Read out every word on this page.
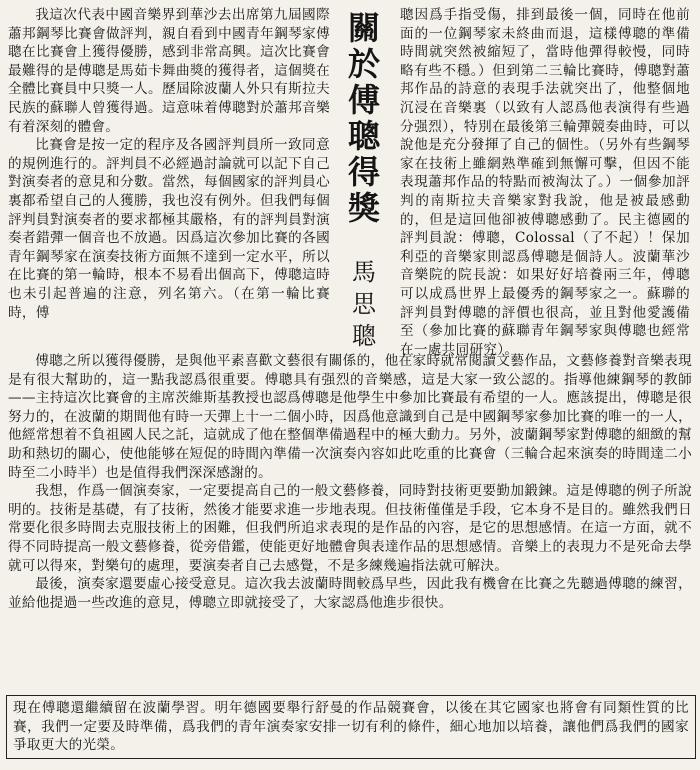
我這次代表中國音樂界到華沙去出席第九屆國際蕭邦鋼琴比賽會做評判，親自看到中國青年鋼琴家傅聰在比賽會上獲得優勝，感到非常高興。這次比賽會最難得的是傅聰是馬茹卡舞曲獎的獲得者，這個獎在全體比賽員中只獎一人。歷屆除波蘭人外只有斯拉夫民族的蘇聯人曾獲得過。這意味着傅聰對於蕭邦音樂有着深刻的體會。

比賽會是按一定的程序及各國評判員所一致同意的規例進行的。評判員不必經過討論就可以記下自己對演奏者的意見和分數。當然，每個國家的評判員心裏都希望自己的人獲勝，我也沒有例外。但我們每個評判員對演奏者的要求都極其嚴格，有的評判員對演奏者錯彈一個音也不放過。因爲這次參加比賽的各國青年鋼琴家在演奏技術方面無不達到一定水平，所以在比賽的第一輪時，根本不易看出個高下，傅聰這時也未引起普遍的注意，列名第六。（在第一輪比賽時，傅

關
於
傅
聰
得
獎
馬
思
聰

聰因爲手指受傷，排到最後一個，同時在他前面的一位鋼琴家未終曲而退，這樣傅聰的準備時間就突然被縮短了，當時他彈得較慢，同時略有些不穩。）但到第二三輪比賽時，傅聰對蕭邦作品的詩意的表現手法就突出了，他整個地沉浸在音樂裏（以致有人認爲他表演得有些過分强烈），特別在最後第三輪彈競奏曲時，可以說他是充分發揮了自己的個性。（另外有些鋼琴家在技術上雖網熟準確到無懈可擊，但因不能表現蕭邦作品的特點而被淘汰了。）一個參加評判的南斯拉夫音樂家對我說，他是被最感動的，但是這回他卻被傅聰感動了。民主德國的評判員說：傅聰，Colossal（了不起）！保加利亞的音樂家則認爲傅聰是個詩人。波蘭華沙音樂院的院長說：如果好好培養兩三年，傅聰可以成爲世界上最優秀的鋼琴家之一。蘇聯的評判員對傅聰的評價也很高，並且對他愛護備至（參加比賽的蘇聯青年鋼琴家與傅聰也經常在一處共同研究）。

傅聰之所以獲得優勝，是與他平素喜歡文藝很有關係的，他在家時就常閱讀文藝作品，文藝修養對音樂表現是有很大幫助的，這一點我認爲很重要。傅聰具有强烈的音樂感，這是大家一致公認的。指導他練鋼琴的教師——主持這次比賽會的主席茨維斯基教授也認爲傅聰是他學生中參加比賽最有希望的一人。應該提出，傅聰是很努力的，在波蘭的期間他有時一天彈上十一二個小時，因爲他意識到自己是中國鋼琴家參加比賽的唯一的一人，他經常想着不負祖國人民之託，這就成了他在整個準備過程中的極大動力。另外，波蘭鋼琴家對傅聰的細緻的幫助和熱切的關心，使他能够在短促的時間內準備一次演奏內容如此吃重的比賽會（三輪合起來演奏的時間達二小時至二小時半）也是值得我們深深感謝的。

我想，作爲一個演奏家，一定要提高自己的一般文藝修養，同時對技術更要勤加鍛鍊。這是傅聰的例子所說明的。技術是基礎，有了技術，然後才能要求進一步地表現。但技術僅僅是手段，它本身不是目的。雖然我們日常要化很多時間去克服技術上的困難，但我們所追求表現的是作品的內容，是它的思想感情。在這一方面，就不得不同時提高一般文藝修養，從旁借鑑，使能更好地體會與表達作品的思想感情。音樂上的表現力不是死命去學就可以得來，對樂句的處理，要演奏者自己去感覺，不是多練幾遍指法就可解決。

最後，演奏家還要虛心接受意見。這次我去波蘭時間較爲早些，因此我有機會在比賽之先聽過傅聰的練習，並給他提過一些改進的意見，傅聰立即就接受了，大家認爲他進步很快。

現在傅聰還繼續留在波蘭學習。明年德國要舉行舒曼的作品競賽會，以後在其它國家也將會有同類性質的比賽，我們一定要及時準備，爲我們的青年演奏家安排一切有利的條件，細心地加以培養，讓他們爲我們的國家爭取更大的光榮。
